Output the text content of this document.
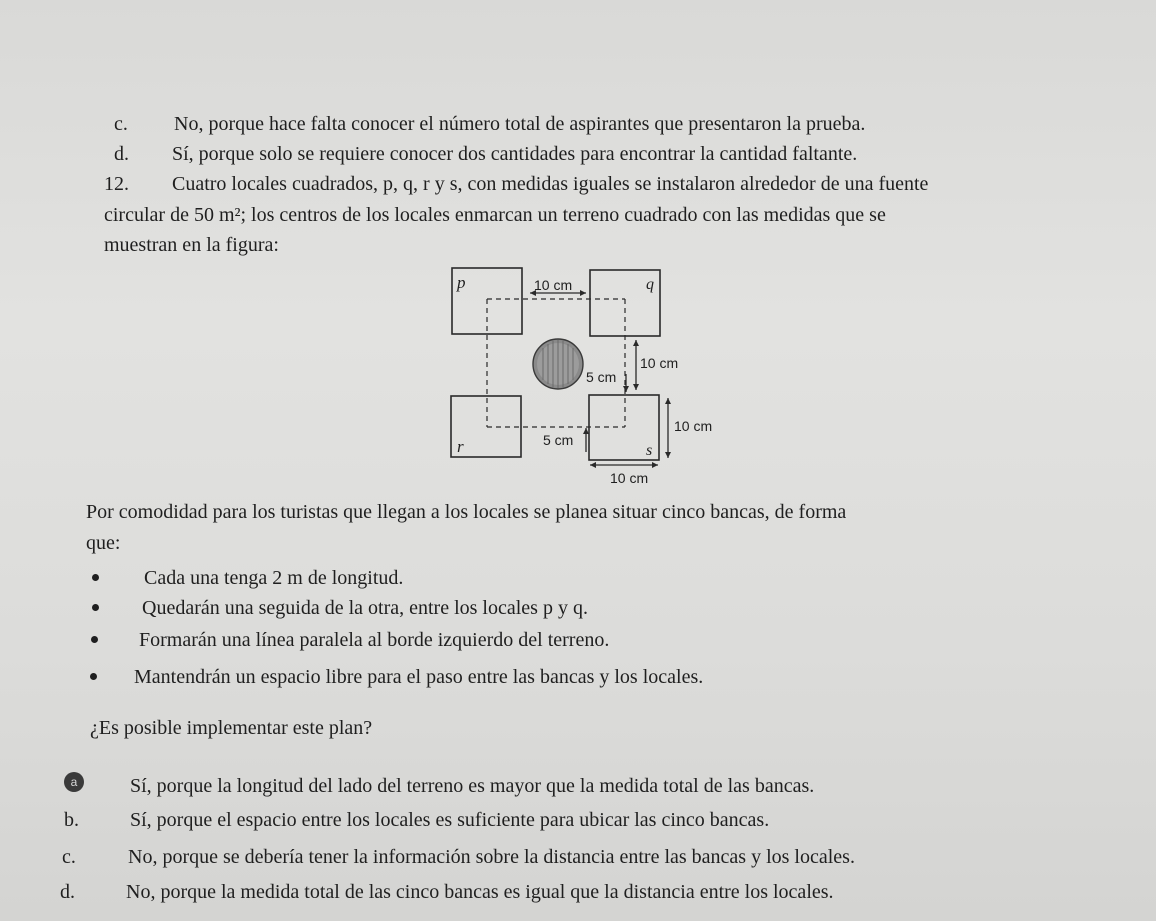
c. No, porque hace falta conocer el número total de aspirantes que presentaron la prueba.
d. Sí, porque solo se requiere conocer dos cantidades para encontrar la cantidad faltante.
12. Cuatro locales cuadrados, p, q, r y s, con medidas iguales se instalaron alrededor de una fuente
circular de 50 m²; los centros de los locales enmarcan un terreno cuadrado con las medidas que se
muestran en la figura:
p	q
r	s
10 cm
10 cm
5 cm
10 cm
5 cm
10 cm
Por comodidad para los turistas que llegan a los locales se planea situar cinco bancas, de forma
que:
Cada una tenga 2 m de longitud.
Quedarán una seguida de la otra, entre los locales p y q.
Formarán una línea paralela al borde izquierdo del terreno.
Mantendrán un espacio libre para el paso entre las bancas y los locales.
¿Es posible implementar este plan?
a	Sí, porque la longitud del lado del terreno es mayor que la medida total de las bancas.
b.	Sí, porque el espacio entre los locales es suficiente para ubicar las cinco bancas.
c.	No, porque se debería tener la información sobre la distancia entre las bancas y los locales.
d.	No, porque la medida total de las cinco bancas es igual que la distancia entre los locales.
